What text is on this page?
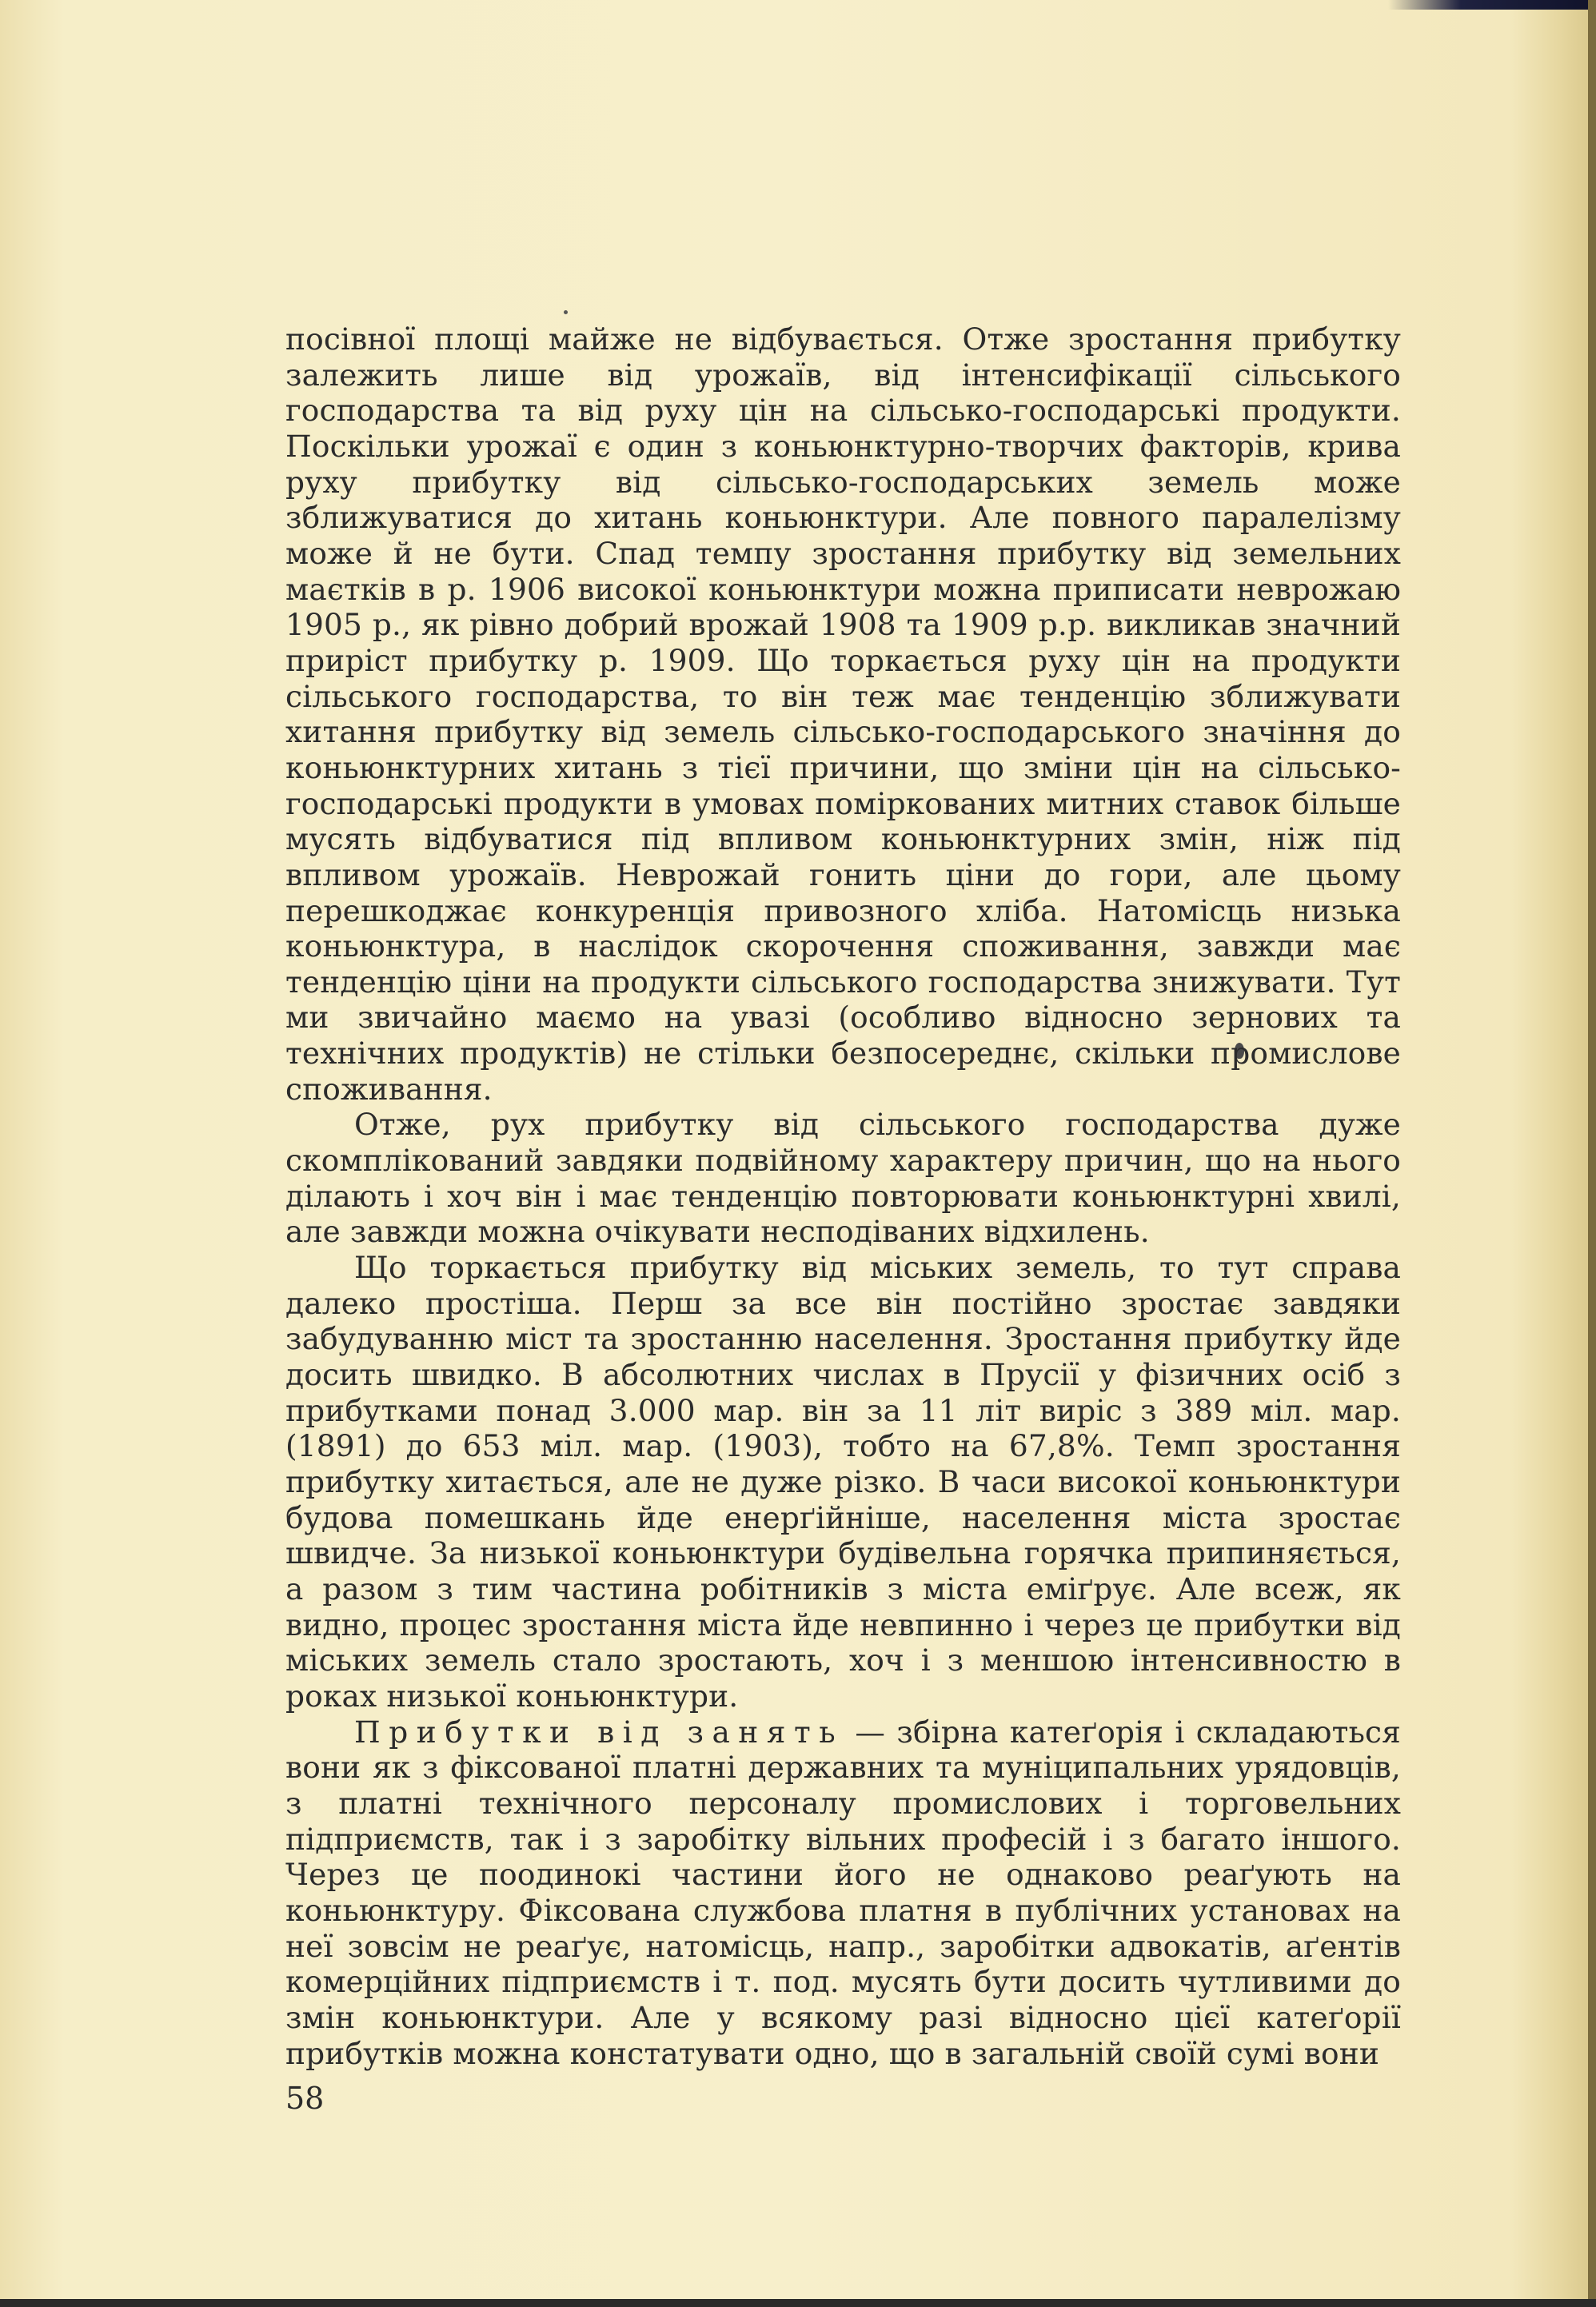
посівної площі майже не відбувається. Отже зростання прибутку залежить лише від урожаїв, від інтенсифікації сільського господарства та від руху цін на сільсько-господарські продукти. Поскільки урожаї є один з коньюнктурно-творчих факторів, крива руху прибутку від сільсько-господарських земель може зближуватися до хитань коньюнктури. Але повного паралелізму може й не бути. Спад темпу зростання прибутку від земельних маєтків в р. 1906 високої коньюнктури можна приписати неврожаю 1905 р., як рівно добрий врожай 1908 та 1909 р.р. викликав значний приріст прибутку р. 1909. Що торкається руху цін на продукти сільського господарства, то він теж має тенденцію зближувати хитання прибутку від земель сільсько-господарського значіння до коньюнктурних хитань з тієї причини, що зміни цін на сільсько-господарські продукти в умовах поміркованих митних ставок більше мусять відбуватися під впливом коньюнктурних змін, ніж під впливом урожаїв. Неврожай гонить ціни до гори, але цьому перешкоджає конкуренція привозного хліба. Натомісць низька коньюнктура, в наслідок скорочення споживання, завжди має тенденцію ціни на продукти сільського господарства знижувати. Тут ми звичайно маємо на увазі (особливо відносно зернових та технічних продуктів) не стільки безпосереднє, скільки промислове споживання.

Отже, рух прибутку від сільського господарства дуже скомплікований завдяки подвійному характеру причин, що на нього ділають і хоч він і має тенденцію повторювати коньюнктурні хвилі, але завжди можна очікувати несподіваних відхилень.

Що торкається прибутку від міських земель, то тут справа далеко простіша. Перш за все він постійно зростає завдяки забудуванню міст та зростанню населення. Зростання прибутку йде досить швидко. В абсолютних числах в Прусії у фізичних осіб з прибутками понад 3.000 мар. він за 11 літ виріс з 389 міл. мар. (1891) до 653 міл. мар. (1903), тобто на 67,8%. Темп зростання прибутку хитається, але не дуже різко. В часи високої коньюнктури будова помешкань йде енерґійніше, населення міста зростає швидче. За низької коньюнктури будівельна горячка припиняється, а разом з тим частина робітників з міста еміґрує. Але всеж, як видно, процес зростання міста йде невпинно і через це прибутки від міських земель стало зростають, хоч і з меншою інтенсивностю в роках низької коньюнктури.

Прибутки від занять — збірна катеґорія і складаються вони як з фіксованої платні державних та муніципальних урядовців, з платні технічного персоналу промислових і торговельних підприємств, так і з заробітку вільних професій і з багато іншого. Через це поодинокі частини його не однаково реаґують на коньюнктуру. Фіксована службова платня в публічних установах на неї зовсім не реаґує, натомісць, напр., заробітки адвокатів, аґентів комерційних підприємств і т. под. мусять бути досить чутливими до змін коньюнктури. Але у всякому разі відносно цієї катеґорії прибутків можна констатувати одно, що в загальній своїй сумі вони

58
